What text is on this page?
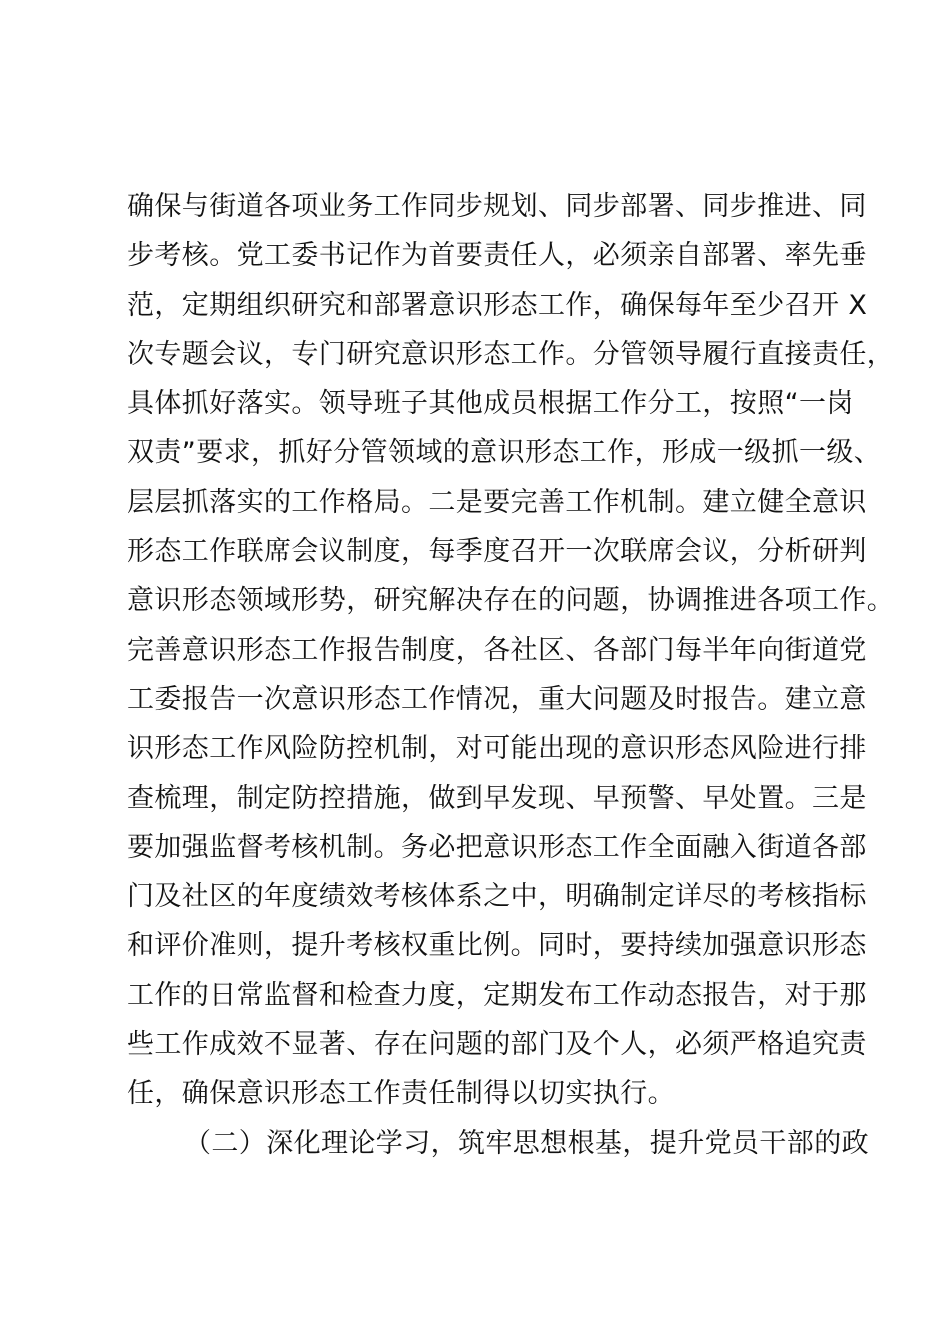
确保与街道各项业务工作同步规划、同步部署、同步推进、同
步考核。党工委书记作为首要责任人，必须亲自部署、率先垂
范，定期组织研究和部署意识形态工作，确保每年至少召开 X
次专题会议，专门研究意识形态工作。分管领导履行直接责任，
具体抓好落实。领导班子其他成员根据工作分工，按照“一岗
双责”要求，抓好分管领域的意识形态工作，形成一级抓一级、
层层抓落实的工作格局。二是要完善工作机制。建立健全意识
形态工作联席会议制度，每季度召开一次联席会议，分析研判
意识形态领域形势，研究解决存在的问题，协调推进各项工作。
完善意识形态工作报告制度，各社区、各部门每半年向街道党
工委报告一次意识形态工作情况，重大问题及时报告。建立意
识形态工作风险防控机制，对可能出现的意识形态风险进行排
查梳理，制定防控措施，做到早发现、早预警、早处置。三是
要加强监督考核机制。务必把意识形态工作全面融入街道各部
门及社区的年度绩效考核体系之中，明确制定详尽的考核指标
和评价准则，提升考核权重比例。同时，要持续加强意识形态
工作的日常监督和检查力度，定期发布工作动态报告，对于那
些工作成效不显著、存在问题的部门及个人，必须严格追究责
任，确保意识形态工作责任制得以切实执行。
（二）深化理论学习，筑牢思想根基，提升党员干部的政
